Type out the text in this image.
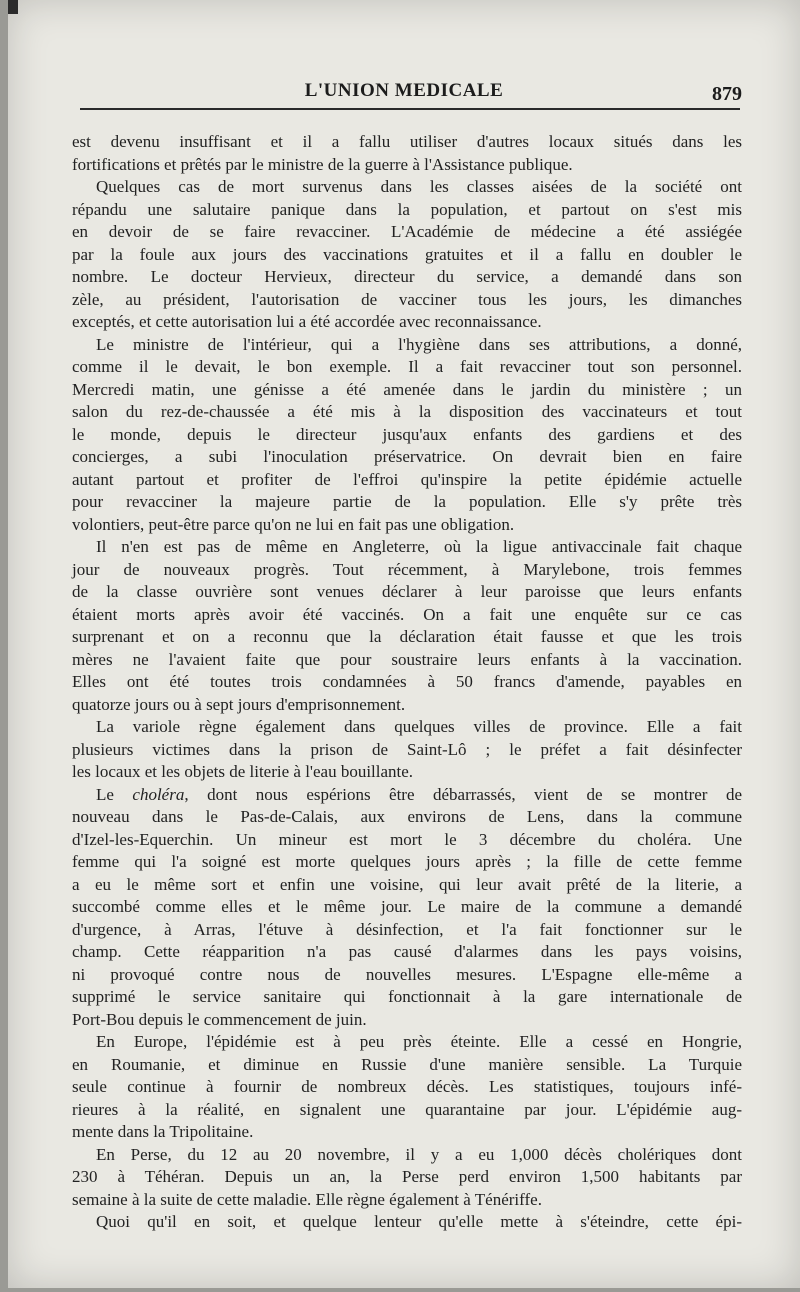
L'UNION MEDICALE	879
est devenu insuffisant et il a fallu utiliser d'autres locaux situés dans les
fortifications et prêtés par le ministre de la guerre à l'Assistance publique.
Quelques cas de mort survenus dans les classes aisées de la société ont
répandu une salutaire panique dans la population, et partout on s'est mis
en devoir de se faire revacciner. L'Académie de médecine a été assiégée
par la foule aux jours des vaccinations gratuites et il a fallu en doubler le
nombre. Le docteur Hervieux, directeur du service, a demandé dans son
zèle, au président, l'autorisation de vacciner tous les jours, les dimanches
exceptés, et cette autorisation lui a été accordée avec reconnaissance.
Le ministre de l'intérieur, qui a l'hygiène dans ses attributions, a donné,
comme il le devait, le bon exemple. Il a fait revacciner tout son personnel.
Mercredi matin, une génisse a été amenée dans le jardin du ministère ; un
salon du rez-de-chaussée a été mis à la disposition des vaccinateurs et tout
le monde, depuis le directeur jusqu'aux enfants des gardiens et des
concierges, a subi l'inoculation préservatrice. On devrait bien en faire
autant partout et profiter de l'effroi qu'inspire la petite épidémie actuelle
pour revacciner la majeure partie de la population. Elle s'y prête très
volontiers, peut-être parce qu'on ne lui en fait pas une obligation.
Il n'en est pas de même en Angleterre, où la ligue antivaccinale fait chaque
jour de nouveaux progrès. Tout récemment, à Marylebone, trois femmes
de la classe ouvrière sont venues déclarer à leur paroisse que leurs enfants
étaient morts après avoir été vaccinés. On a fait une enquête sur ce cas
surprenant et on a reconnu que la déclaration était fausse et que les trois
mères ne l'avaient faite que pour soustraire leurs enfants à la vaccination.
Elles ont été toutes trois condamnées à 50 francs d'amende, payables en
quatorze jours ou à sept jours d'emprisonnement.
La variole règne également dans quelques villes de province. Elle a fait
plusieurs victimes dans la prison de Saint-Lô ; le préfet a fait désinfecter
les locaux et les objets de literie à l'eau bouillante.
Le choléra, dont nous espérions être débarrassés, vient de se montrer de
nouveau dans le Pas-de-Calais, aux environs de Lens, dans la commune
d'Izel-les-Equerchin. Un mineur est mort le 3 décembre du choléra. Une
femme qui l'a soigné est morte quelques jours après ; la fille de cette femme
a eu le même sort et enfin une voisine, qui leur avait prêté de la literie, a
succombé comme elles et le même jour. Le maire de la commune a demandé
d'urgence, à Arras, l'étuve à désinfection, et l'a fait fonctionner sur le
champ. Cette réapparition n'a pas causé d'alarmes dans les pays voisins,
ni provoqué contre nous de nouvelles mesures. L'Espagne elle-même a
supprimé le service sanitaire qui fonctionnait à la gare internationale de
Port-Bou depuis le commencement de juin.
En Europe, l'épidémie est à peu près éteinte. Elle a cessé en Hongrie,
en Roumanie, et diminue en Russie d'une manière sensible. La Turquie
seule continue à fournir de nombreux décès. Les statistiques, toujours infé-
rieures à la réalité, en signalent une quarantaine par jour. L'épidémie aug-
mente dans la Tripolitaine.
En Perse, du 12 au 20 novembre, il y a eu 1,000 décès cholériques dont
230 à Téhéran. Depuis un an, la Perse perd environ 1,500 habitants par
semaine à la suite de cette maladie. Elle règne également à Ténériffe.
Quoi qu'il en soit, et quelque lenteur qu'elle mette à s'éteindre, cette épi-
